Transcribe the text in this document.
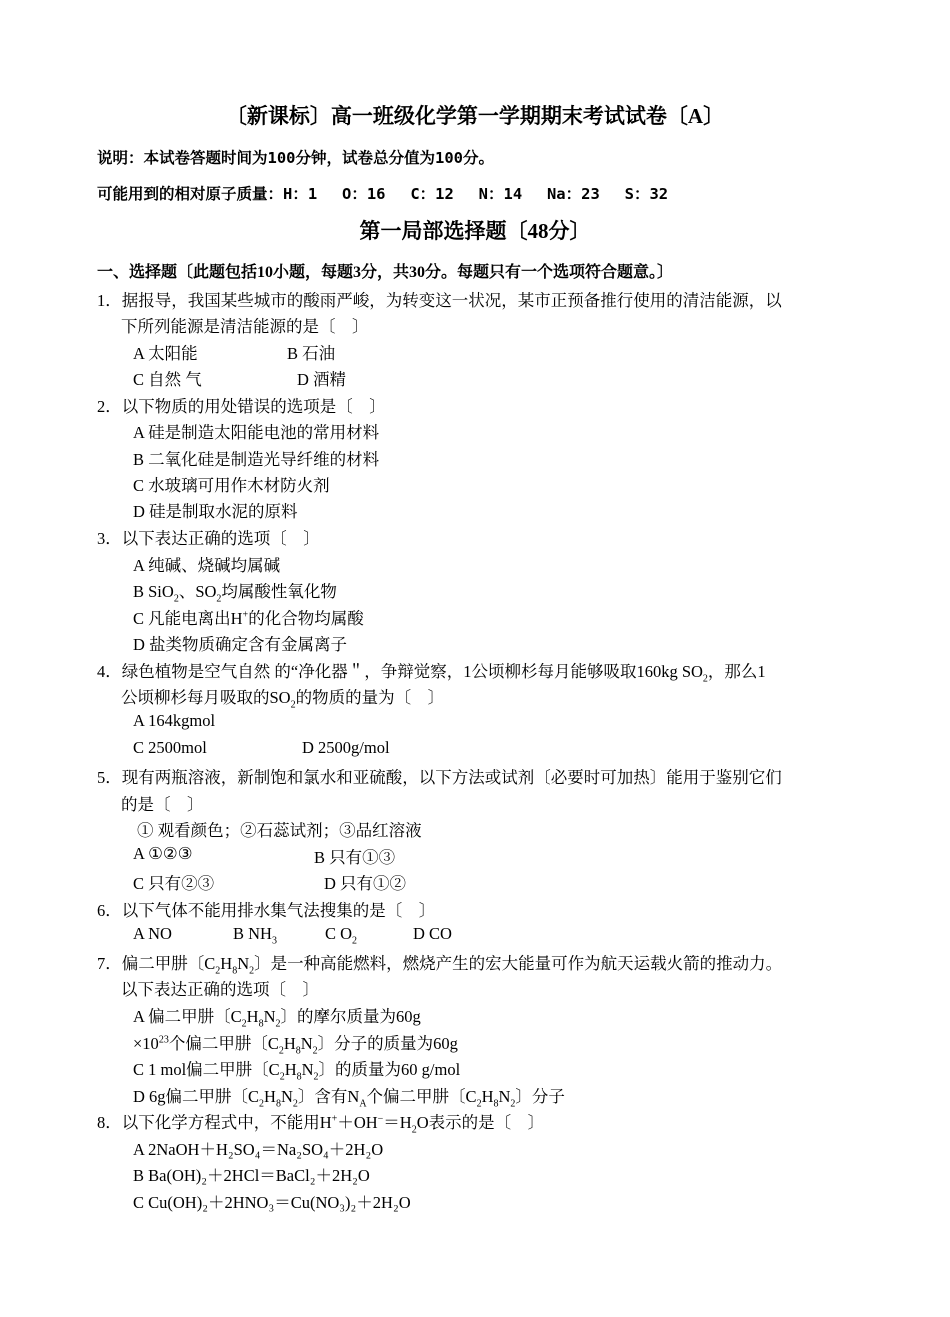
〔新课标〕高一班级化学第一学期期末考试试卷〔A〕
说明：本试卷答题时间为100分钟，试卷总分值为100分。
可能用到的相对原子质量：H：1　 O：16　 C：12　 N：14　 Na：23　 S：32
第一局部选择题〔48分〕
一、选择题〔此题包括10小题，每题3分，共30分。每题只有一个选项符合题意。〕
1．据报导，我国某些城市的酸雨严峻，为转变这一状况，某市正预备推行使用的清洁能源，以
下所列能源是清洁能源的是〔　〕
A 太阳能	B 石油
C 自然 气	D 酒精
2．以下物质的用处错误的选项是〔　〕
A 硅是制造太阳能电池的常用材料
B 二氧化硅是制造光导纤维的材料
C 水玻璃可用作木材防火剂
D 硅是制取水泥的原料
3．以下表达正确的选项〔　〕
A 纯碱、烧碱均属碱
B SiO$_2$、$SO_2$均属酸性氧化物
C 凡能电离出H+的化合物均属酸
D 盐类物质确定含有金属离子
4．绿色植物是空气自然 的“净化器＂，争辩觉察，1公顷柳杉每月能够吸取160kg $SO_2$，那么1
公顷柳杉每月吸取的$SO_2$的物质的量为〔　〕
A 164kgmol
C 2500mol	D 2500g/mol
5．现有两瓶溶液，新制饱和氯水和亚硫酸，以下方法或试剂〔必要时可加热〕能用于鉴别它们
的是〔　〕
① 观看颜色；②石蕊试剂；③品红溶液
A ①②③	B 只有①③
C 只有②③	D 只有①②
6．以下气体不能用排水集气法搜集的是〔　〕
A NO	B $NH_3$	C $O_2$	D CO
7．偏二甲肼〔$C_2H_8N_2$〕是一种高能燃料，燃烧产生的宏大能量可作为航天运载火箭的推动力。
以下表达正确的选项〔　〕
A 偏二甲肼〔$C_2H_8N_2$〕的摩尔质量为60g
$\times 10^{23}$个偏二甲肼〔$C_2H_8N_2$〕分子的质量为60g
C 1 mol偏二甲肼〔$C_2H_8N_2$〕的质量为60 g/mol
D 6g偏二甲肼〔$C_2H_8N_2$〕含有$N_A$个偏二甲肼〔$C_2H_8N_2$〕分子
8．以下化学方程式中，不能用$H^++OH^-=H_2O$表示的是〔　〕
A 2NaOH＋H₂SO₄＝Na₂SO₄＋2H₂O
B Ba(OH)₂＋2HCl＝BaCl₂＋2H₂O
C Cu(OH)₂＋2HNO₃＝Cu(NO₃)₂＋2H₂O
